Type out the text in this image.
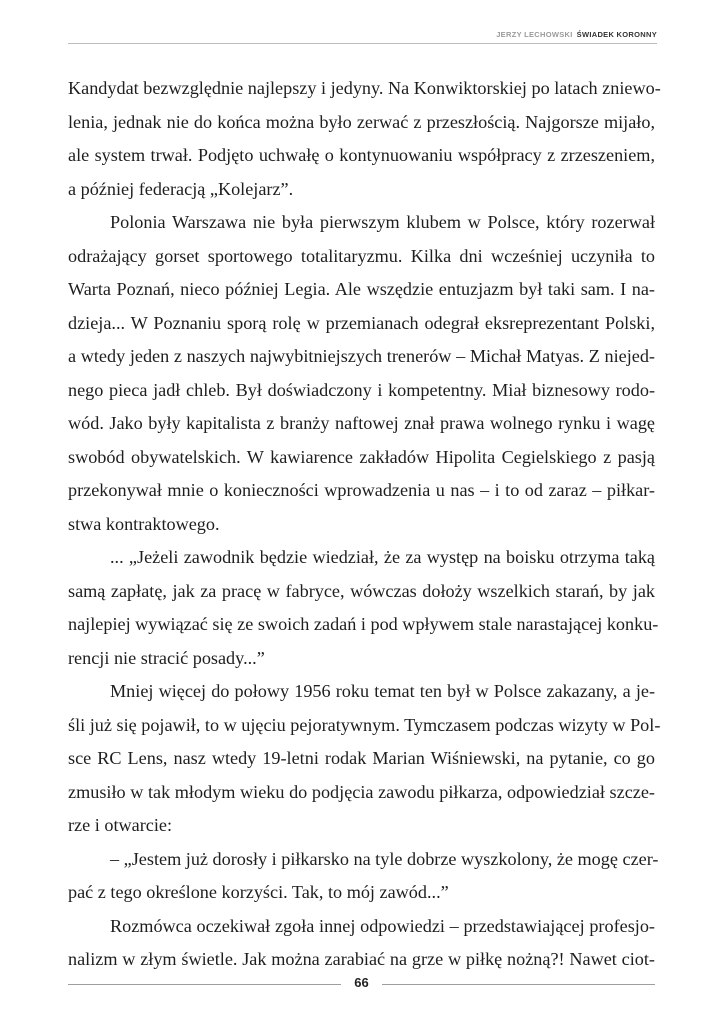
JERZY LECHOWSKI ŚWIADEK KORONNY
Kandydat bezwzględnie najlepszy i jedyny. Na Konwiktorskiej po latach zniewo-
lenia, jednak nie do końca można było zerwać z przeszłością. Najgorsze mijało,
ale system trwał. Podjęto uchwałę o kontynuowaniu współpracy z zrzeszeniem,
a później federacją „Kolejarz”.
Polonia Warszawa nie była pierwszym klubem w Polsce, który rozerwał
odrażający gorset sportowego totalitaryzmu. Kilka dni wcześniej uczyniła to
Warta Poznań, nieco później Legia. Ale wszędzie entuzjazm był taki sam. I na-
dzieja... W Poznaniu sporą rolę w przemianach odegrał eksreprezentant Polski,
a wtedy jeden z naszych najwybitniejszych trenerów – Michał Matyas. Z niejed-
nego pieca jadł chleb. Był doświadczony i kompetentny. Miał biznesowy rodo-
wód. Jako były kapitalista z branży naftowej znał prawa wolnego rynku i wagę
swobód obywatelskich. W kawiarence zakładów Hipolita Cegielskiego z pasją
przekonywał mnie o konieczności wprowadzenia u nas – i to od zaraz – piłkar-
stwa kontraktowego.
... „Jeżeli zawodnik będzie wiedział, że za występ na boisku otrzyma taką
samą zapłatę, jak za pracę w fabryce, wówczas dołoży wszelkich starań, by jak
najlepiej wywiązać się ze swoich zadań i pod wpływem stale narastającej konku-
rencji nie stracić posady...”
Mniej więcej do połowy 1956 roku temat ten był w Polsce zakazany, a je-
śli już się pojawił, to w ujęciu pejoratywnym. Tymczasem podczas wizyty w Pol-
sce RC Lens, nasz wtedy 19-letni rodak Marian Wiśniewski, na pytanie, co go
zmusiło w tak młodym wieku do podjęcia zawodu piłkarza, odpowiedział szcze-
rze i otwarcie:
– „Jestem już dorosły i piłkarsko na tyle dobrze wyszkolony, że mogę czer-
pać z tego określone korzyści. Tak, to mój zawód...”
Rozmówca oczekiwał zgoła innej odpowiedzi – przedstawiającej profesjo-
nalizm w złym świetle. Jak można zarabiać na grze w piłkę nożną?! Nawet ciot-
66
